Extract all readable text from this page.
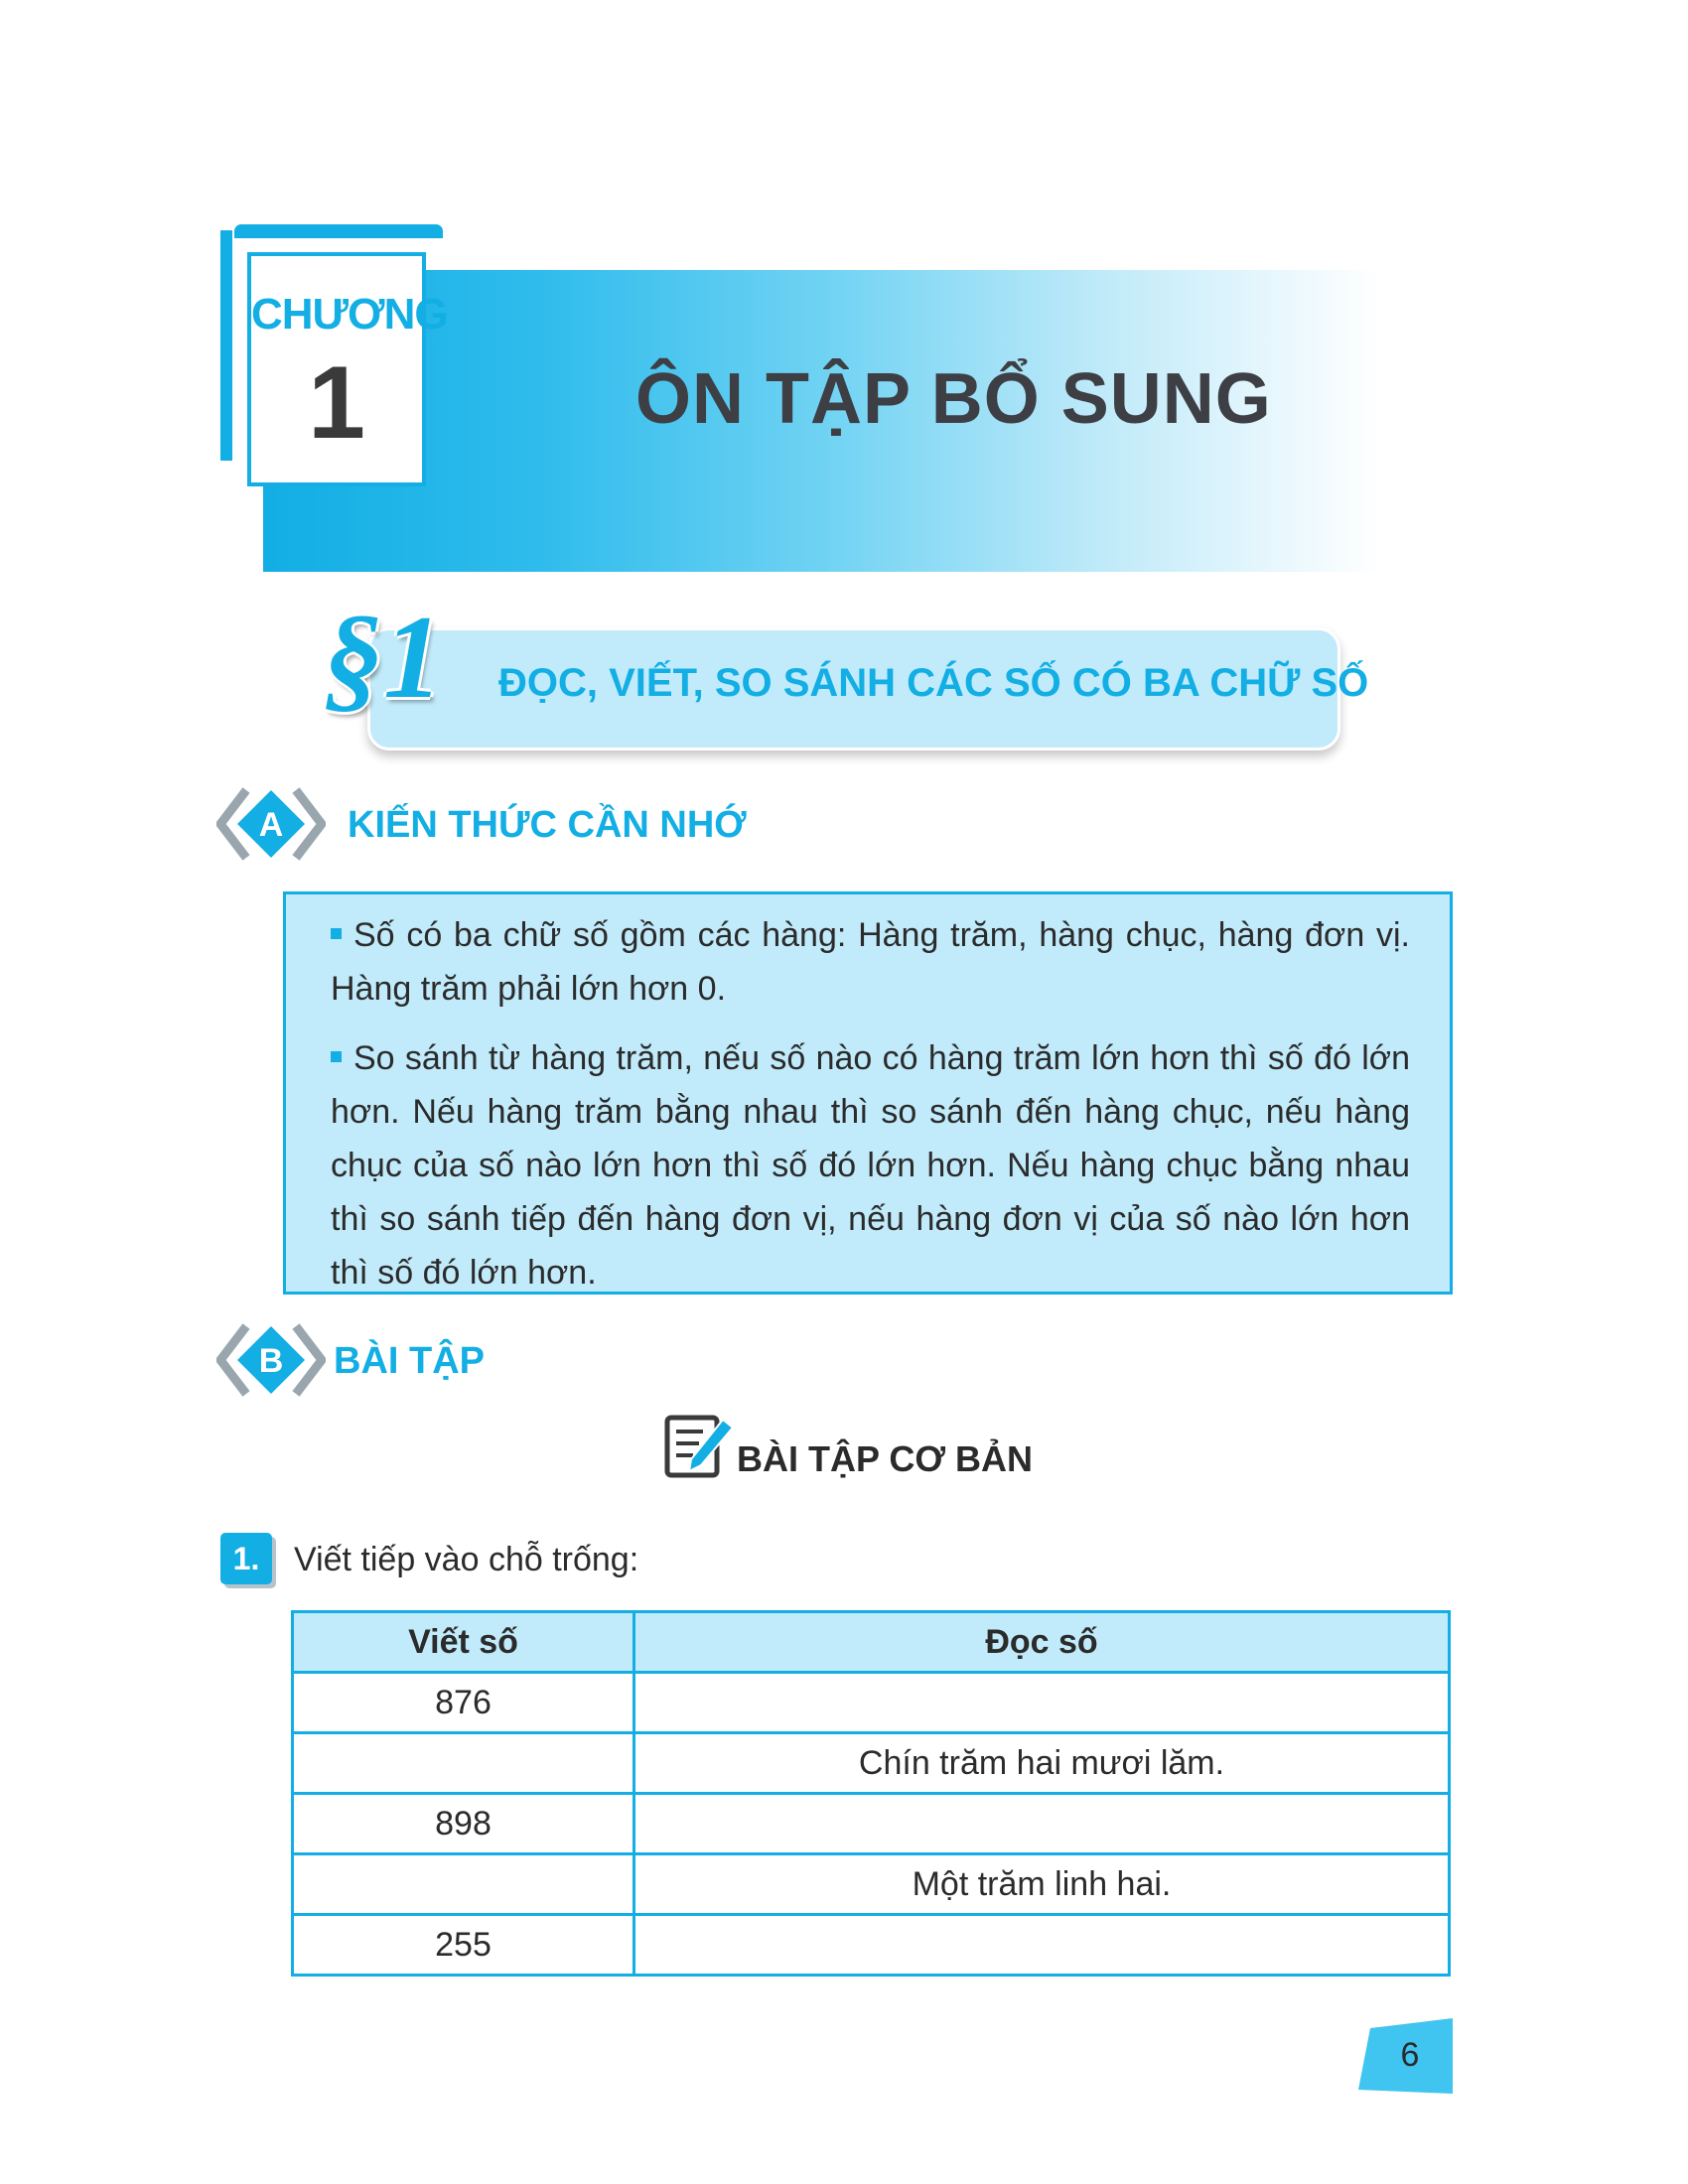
CHƯƠNG
1	ÔN TẬP BỔ SUNG
§1 ĐỌC, VIẾT, SO SÁNH CÁC SỐ CÓ BA CHỮ SỐ
A KIẾN THỨC CẦN NHỚ

Số có ba chữ số gồm các hàng: Hàng trăm, hàng chục, hàng đơn vị. Hàng trăm phải lớn hơn 0.

So sánh từ hàng trăm, nếu số nào có hàng trăm lớn hơn thì số đó lớn hơn. Nếu hàng trăm bằng nhau thì so sánh đến hàng chục, nếu hàng chục của số nào lớn hơn thì số đó lớn hơn. Nếu hàng chục bằng nhau thì so sánh tiếp đến hàng đơn vị, nếu hàng đơn vị của số nào lớn hơn thì số đó lớn hơn.

B BÀI TẬP
BÀI TẬP CƠ BẢN
1.	Viết tiếp vào chỗ trống:
Viết số	Đọc số
876	
	Chín trăm hai mươi lăm.
898	
	Một trăm linh hai.
255	
6
